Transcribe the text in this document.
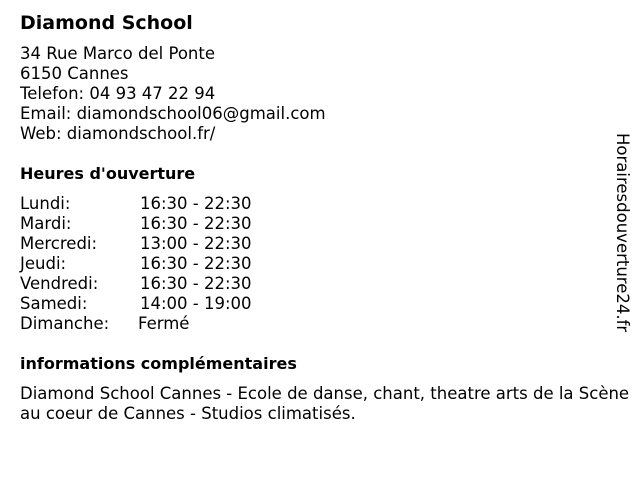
Diamond School
34 Rue Marco del Ponte
6150 Cannes
Telefon: 04 93 47 22 94
Email: diamondschool06@gmail.com
Web: diamondschool.fr/
Heures d'ouverture
Lundi:	16:30 - 22:30
Mardi:	16:30 - 22:30
Mercredi:	13:00 - 22:30
Jeudi:	16:30 - 22:30
Vendredi:	16:30 - 22:30
Samedi:	14:00 - 19:00
Dimanche:	Fermé
informations complémentaires
Diamond School Cannes - Ecole de danse, chant, theatre arts de la Scène au coeur de Cannes - Studios climatisés.
Horairesdouverture24.fr
